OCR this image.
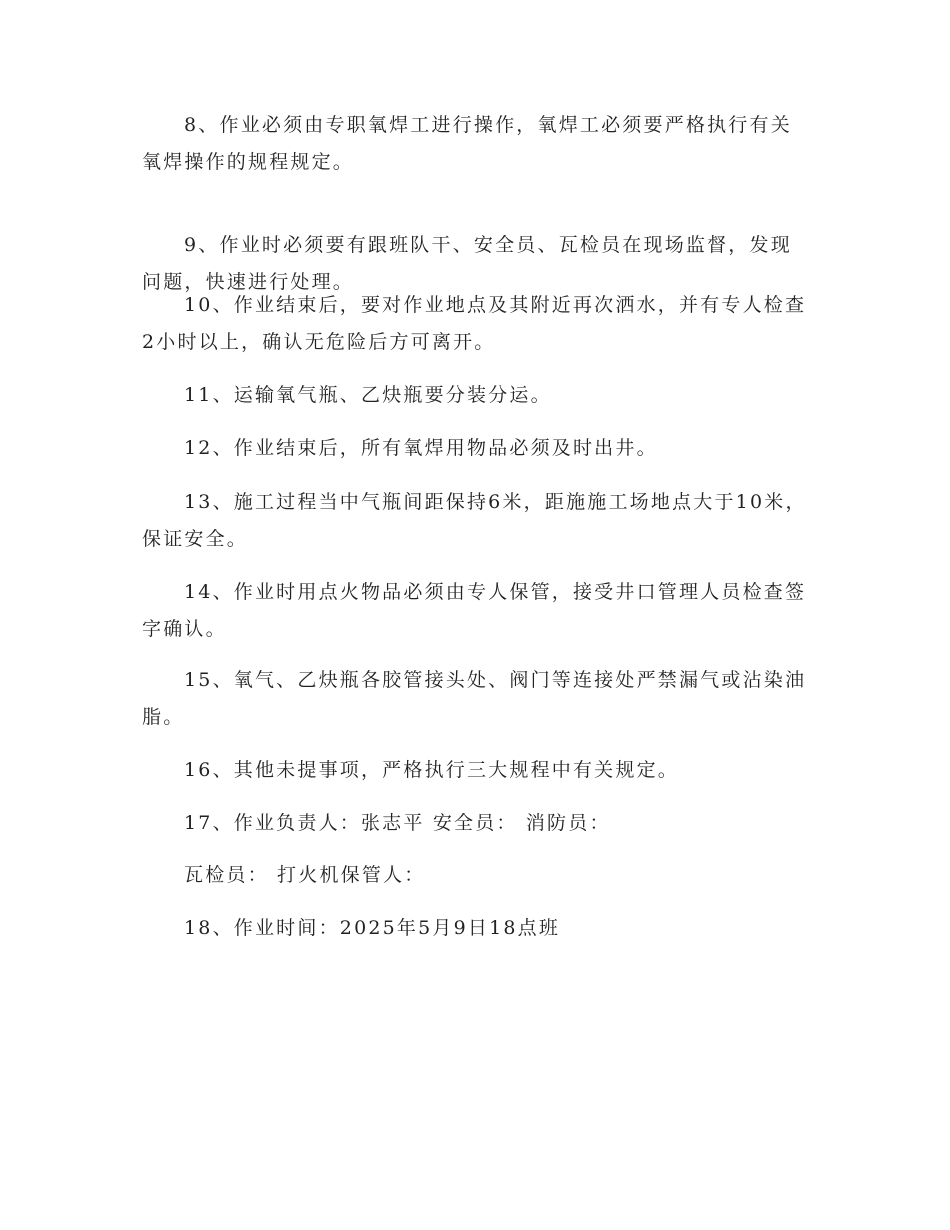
8、作业必须由专职氧焊工进行操作，氧焊工必须要严格执行有关氧焊操作的规程规定。

9、作业时必须要有跟班队干、安全员、瓦检员在现场监督，发现问题，快速进行处理。

10、作业结束后，要对作业地点及其附近再次洒水，并有专人检查2小时以上，确认无危险后方可离开。

11、运输氧气瓶、乙炔瓶要分装分运。

12、作业结束后，所有氧焊用物品必须及时出井。

13、施工过程当中气瓶间距保持6米，距施施工场地点大于10米，保证安全。

14、作业时用点火物品必须由专人保管，接受井口管理人员检查签字确认。

15、氧气、乙炔瓶各胶管接头处、阀门等连接处严禁漏气或沾染油脂。

16、其他未提事项，严格执行三大规程中有关规定。

17、作业负责人：张志平 安全员： 消防员：

瓦检员： 打火机保管人：

18、作业时间：2025年5月9日18点班
